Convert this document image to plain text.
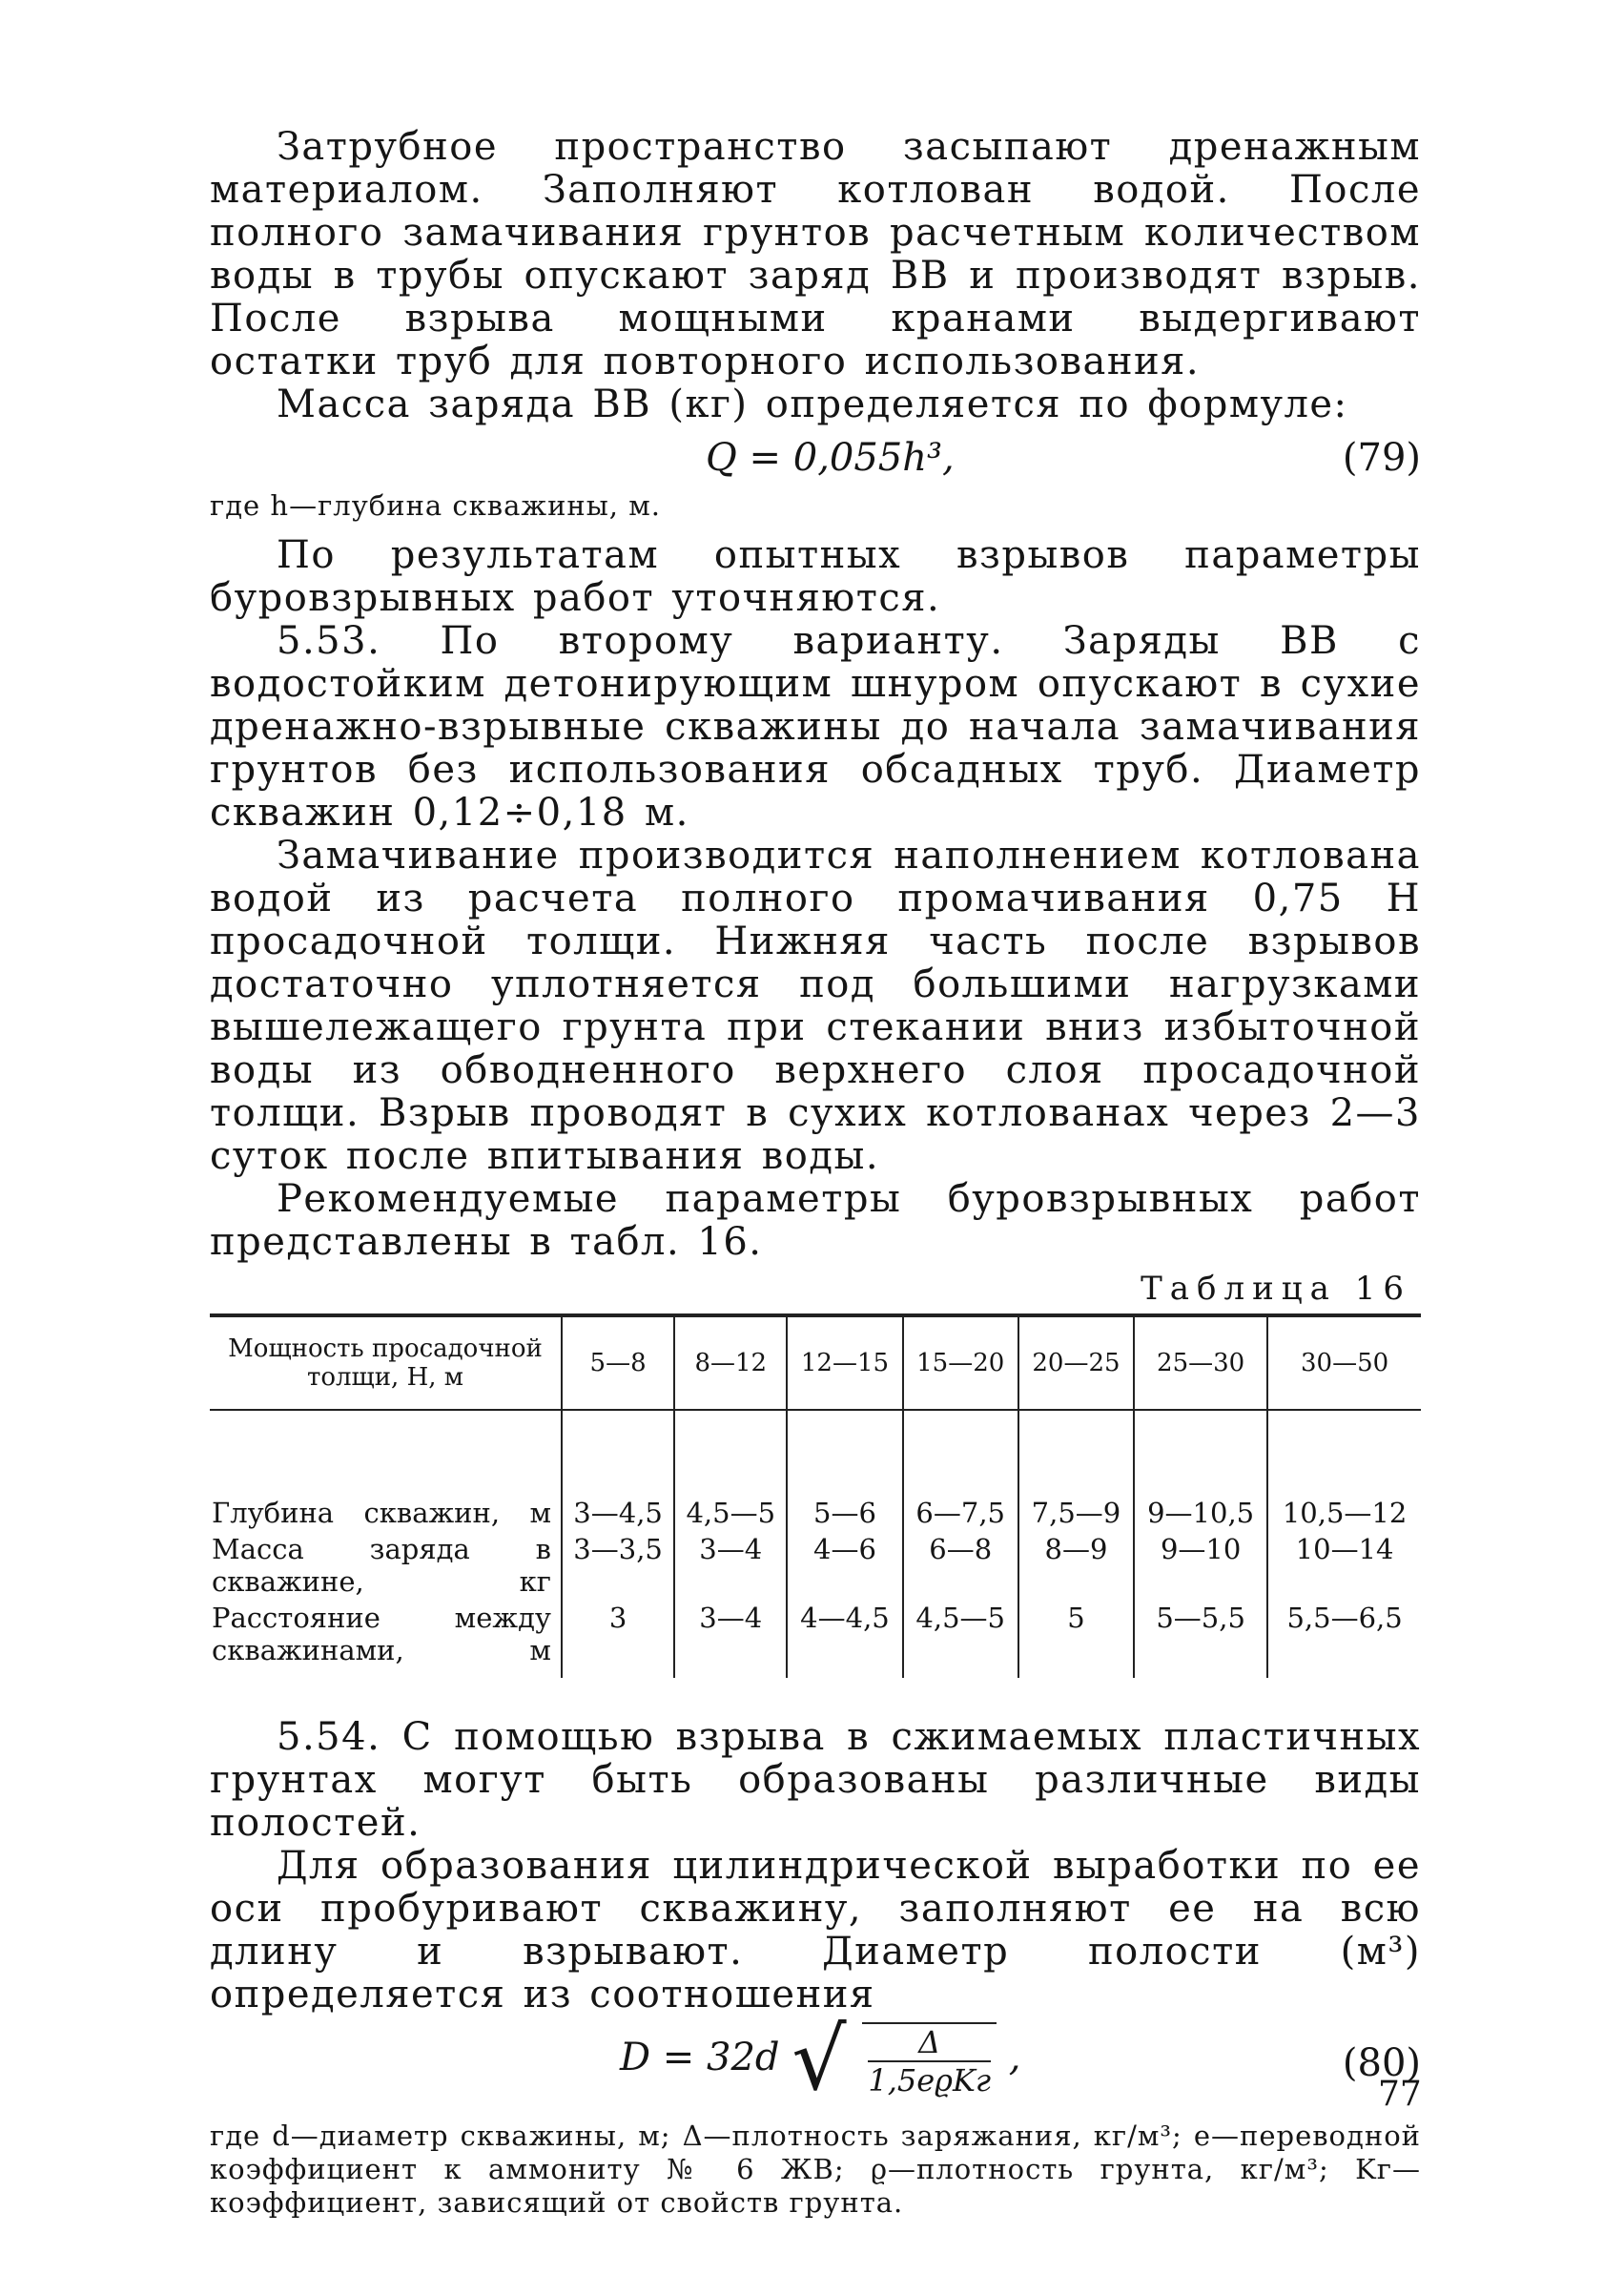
Затрубное пространство засыпают дренажным материалом. Заполняют котлован водой. После полного замачивания грунтов расчетным количеством воды в трубы опускают заряд ВВ и производят взрыв. После взрыва мощными кранами выдергивают остатки труб для повторного использования.

Масса заряда ВВ (кг) определяется по формуле:

Q = 0,055h³,	(79)

где h—глубина скважины, м.

По результатам опытных взрывов параметры буровзрывных работ уточняются.

5.53. По второму варианту. Заряды ВВ с водостойким детонирующим шнуром опускают в сухие дренажно-взрывные скважины до начала замачивания грунтов без использования обсадных труб. Диаметр скважин 0,12÷0,18 м.

Замачивание производится наполнением котлована водой из расчета полного промачивания 0,75 H просадочной толщи. Нижняя часть после взрывов достаточно уплотняется под большими нагрузками вышележащего грунта при стекании вниз избыточной воды из обводненного верхнего слоя просадочной толщи. Взрыв проводят в сухих котлованах через 2—3 суток после впитывания воды.

Рекомендуемые параметры буровзрывных работ представлены в табл. 16.

Таблица 16
Мощность просадочной толщи, H, м	5—8	8—12	12—15	15—20	20—25	25—30	30—50
Глубина скважин, м	3—4,5	4,5—5	5—6	6—7,5	7,5—9	9—10,5	10,5—12
Масса заряда в скважине, кг	3—3,5	3—4	4—6	6—8	8—9	9—10	10—14
Расстояние между скважинами, м	3	3—4	4—4,5	4,5—5	5	5—5,5	5,5—6,5

5.54. С помощью взрыва в сжимаемых пластичных грунтах могут быть образованы различные виды полостей.

Для образования цилиндрической выработки по ее оси пробуривают скважину, заполняют ее на всю длину и взрывают. Диаметр полости (м³) определяется из соотношения

D = 32d √ $\frac{\Delta}{\text{1,5eϱKг}}$ ,	(80)

где d—диаметр скважины, м; Δ—плотность заряжания, кг/м³; e—переводной коэффициент к аммониту № 6 ЖВ; ϱ—плотность грунта, кг/м³; Kг—коэффициент, зависящий от свойств грунта.

77
